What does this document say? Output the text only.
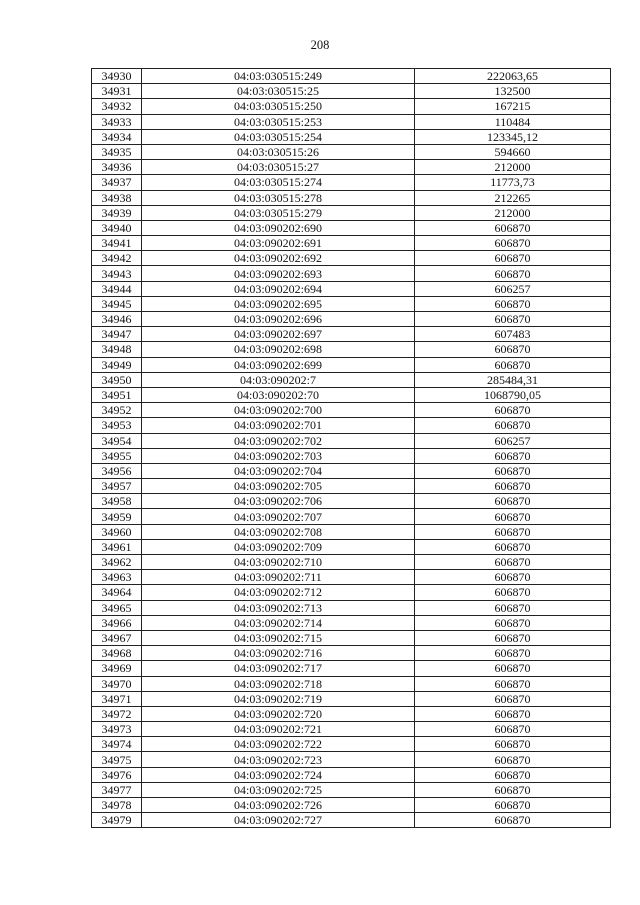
208
34930	04:03:030515:249	222063,65
34931	04:03:030515:25	132500
34932	04:03:030515:250	167215
34933	04:03:030515:253	110484
34934	04:03:030515:254	123345,12
34935	04:03:030515:26	594660
34936	04:03:030515:27	212000
34937	04:03:030515:274	11773,73
34938	04:03:030515:278	212265
34939	04:03:030515:279	212000
34940	04:03:090202:690	606870
34941	04:03:090202:691	606870
34942	04:03:090202:692	606870
34943	04:03:090202:693	606870
34944	04:03:090202:694	606257
34945	04:03:090202:695	606870
34946	04:03:090202:696	606870
34947	04:03:090202:697	607483
34948	04:03:090202:698	606870
34949	04:03:090202:699	606870
34950	04:03:090202:7	285484,31
34951	04:03:090202:70	1068790,05
34952	04:03:090202:700	606870
34953	04:03:090202:701	606870
34954	04:03:090202:702	606257
34955	04:03:090202:703	606870
34956	04:03:090202:704	606870
34957	04:03:090202:705	606870
34958	04:03:090202:706	606870
34959	04:03:090202:707	606870
34960	04:03:090202:708	606870
34961	04:03:090202:709	606870
34962	04:03:090202:710	606870
34963	04:03:090202:711	606870
34964	04:03:090202:712	606870
34965	04:03:090202:713	606870
34966	04:03:090202:714	606870
34967	04:03:090202:715	606870
34968	04:03:090202:716	606870
34969	04:03:090202:717	606870
34970	04:03:090202:718	606870
34971	04:03:090202:719	606870
34972	04:03:090202:720	606870
34973	04:03:090202:721	606870
34974	04:03:090202:722	606870
34975	04:03:090202:723	606870
34976	04:03:090202:724	606870
34977	04:03:090202:725	606870
34978	04:03:090202:726	606870
34979	04:03:090202:727	606870
